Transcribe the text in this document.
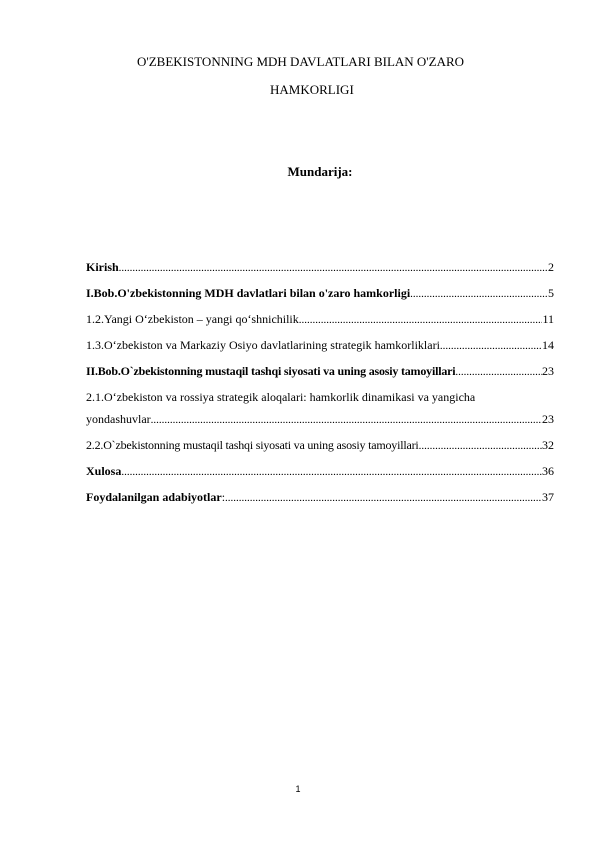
O'ZBEKISTONNING MDH DAVLATLARI BILAN O'ZARO
HAMKORLIGI
Mundarija:
Kirish .....	2
I.Bob.O'zbekistonning MDH davlatlari bilan o'zaro hamkorligi .....	5
1.2.Yangi O‘zbekiston – yangi qo‘shnichilik .....	11
1.3.O‘zbekiston va Markaziy Osiyo davlatlarining strategik hamkorliklari .....	14
II.Bob.O`zbekistonning mustaqil tashqi siyosati va uning asosiy tamoyillari .....	23
2.1.O‘zbekiston va rossiya strategik aloqalari: hamkorlik dinamikasi va yangicha
yondashuvlar .....	23
2.2.O`zbekistonning mustaqil tashqi siyosati va uning asosiy tamoyillari .....	32
Xulosa .....	36
Foydalanilgan adabiyotlar: .....	37
1
